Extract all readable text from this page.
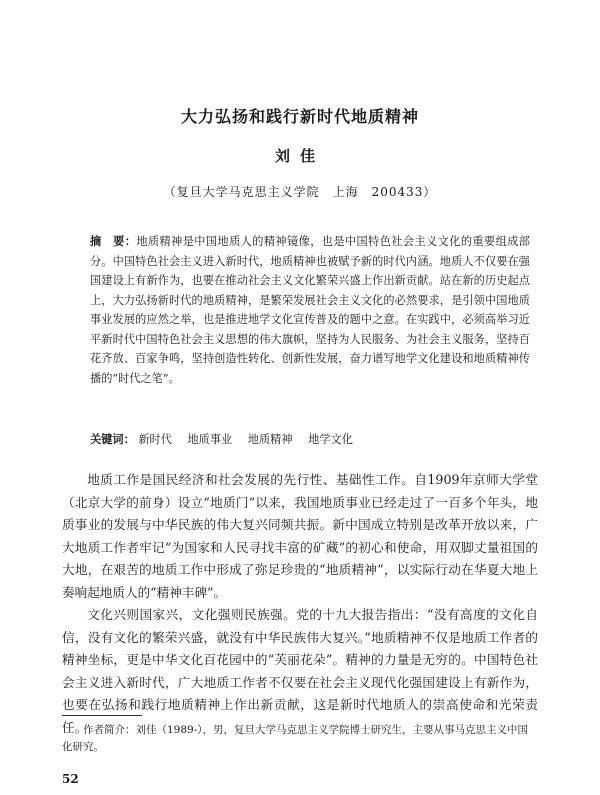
大力弘扬和践行新时代地质精神
刘佳
（复旦大学马克思主义学院　上海　200433）
摘　要：地质精神是中国地质人的精神镜像，也是中国特色社会主义文化的重要组成部分。中国特色社会主义进入新时代，地质精神也被赋予新的时代内涵。地质人不仅要在强国建设上有新作为，也要在推动社会主义文化繁荣兴盛上作出新贡献。站在新的历史起点上，大力弘扬新时代的地质精神，是繁荣发展社会主义文化的必然要求，是引领中国地质事业发展的应然之举，也是推进地学文化宣传普及的题中之意。在实践中，必须高举习近平新时代中国特色社会主义思想的伟大旗帜，坚持为人民服务、为社会主义服务，坚持百花齐放、百家争鸣，坚持创造性转化、创新性发展，奋力谱写地学文化建设和地质精神传播的“时代之笔”。
关键词： 新时代 地质事业 地质精神 地学文化

地质工作是国民经济和社会发展的先行性、基础性工作。自1909年京师大学堂（北京大学的前身）设立“地质门”以来，我国地质事业已经走过了一百多个年头，地质事业的发展与中华民族的伟大复兴同频共振。新中国成立特别是改革开放以来，广大地质工作者牢记“为国家和人民寻找丰富的矿藏”的初心和使命，用双脚丈量祖国的大地，在艰苦的地质工作中形成了弥足珍贵的“地质精神”，以实际行动在华夏大地上奏响起地质人的“精神丰碑”。

文化兴则国家兴，文化强则民族强。党的十九大报告指出：“没有高度的文化自信，没有文化的繁荣兴盛，就没有中华民族伟大复兴。”地质精神不仅是地质工作者的精神坐标，更是中华文化百花园中的“芙丽花朵”。精神的力量是无穷的。中国特色社会主义进入新时代，广大地质工作者不仅要在社会主义现代化强国建设上有新作为，也要在弘扬和践行地质精神上作出新贡献，这是新时代地质人的崇高使命和光荣责任。

作者简介：刘佳（1989-），男，复旦大学马克思主义学院博士研究生，主要从事马克思主义中国化研究。
52
